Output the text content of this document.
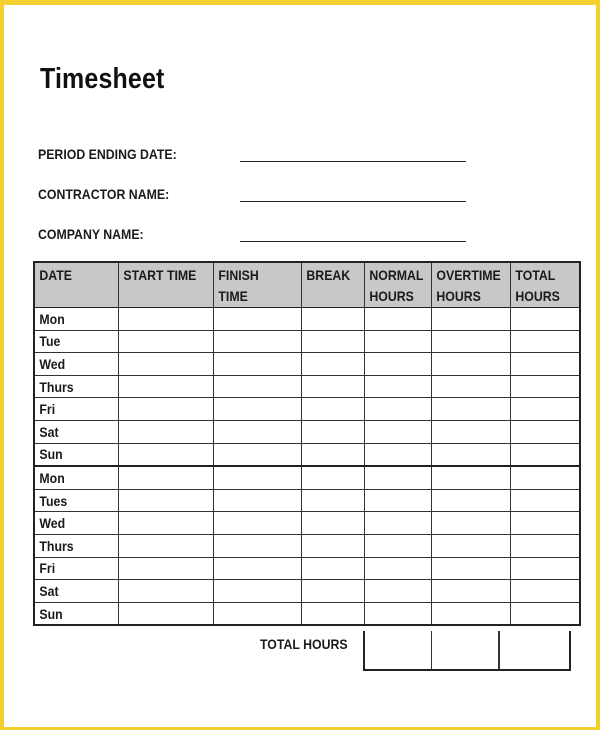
Timesheet
PERIOD ENDING DATE:
CONTRACTOR NAME:
COMPANY NAME:
DATE	START TIME	FINISH TIME	BREAK	NORMAL HOURS	OVERTIME HOURS	TOTAL HOURS
Mon						
Tue						
Wed						
Thurs						
Fri						
Sat						
Sun						
Mon						
Tues						
Wed						
Thurs						
Fri						
Sat						
Sun						
TOTAL HOURS
